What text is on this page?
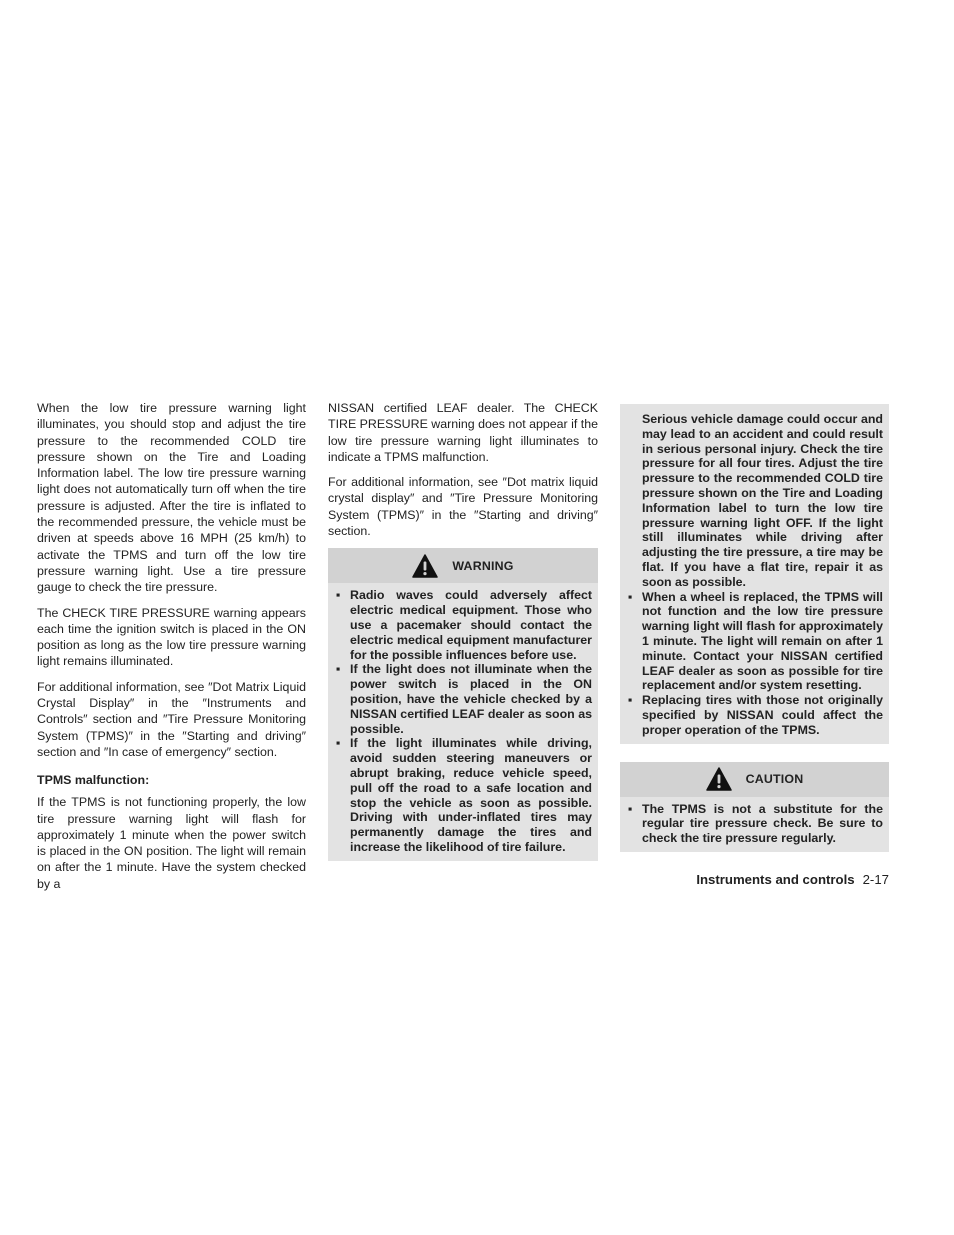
When the low tire pressure warning light illuminates, you should stop and adjust the tire pressure to the recommended COLD tire pressure shown on the Tire and Loading Information label. The low tire pressure warning light does not automatically turn off when the tire pressure is adjusted. After the tire is inflated to the recommended pressure, the vehicle must be driven at speeds above 16 MPH (25 km/h) to activate the TPMS and turn off the low tire pressure warning light. Use a tire pressure gauge to check the tire pressure.

The CHECK TIRE PRESSURE warning appears each time the ignition switch is placed in the ON position as long as the low tire pressure warning light remains illuminated.

For additional information, see ″Dot Matrix Liquid Crystal Display″ in the ″Instruments and Controls″ section and ″Tire Pressure Monitoring System (TPMS)″ in the ″Starting and driving″ section and ″In case of emergency″ section.

TPMS malfunction:

If the TPMS is not functioning properly, the low tire pressure warning light will flash for approximately 1 minute when the power switch is placed in the ON position. The light will remain on after the 1 minute. Have the system checked by a

NISSAN certified LEAF dealer. The CHECK TIRE PRESSURE warning does not appear if the low tire pressure warning light illuminates to indicate a TPMS malfunction.

For additional information, see ″Dot matrix liquid crystal display″ and ″Tire Pressure Monitoring System (TPMS)″ in the ″Starting and driving″ section.

WARNING
▪ Radio waves could adversely affect electric medical equipment. Those who use a pacemaker should contact the electric medical equipment manufacturer for the possible influences before use.
▪ If the light does not illuminate when the power switch is placed in the ON position, have the vehicle checked by a NISSAN certified LEAF dealer as soon as possible.
▪ If the light illuminates while driving, avoid sudden steering maneuvers or abrupt braking, reduce vehicle speed, pull off the road to a safe location and stop the vehicle as soon as possible. Driving with under-inflated tires may permanently damage the tires and increase the likelihood of tire failure.
Serious vehicle damage could occur and may lead to an accident and could result in serious personal injury. Check the tire pressure for all four tires. Adjust the tire pressure to the recommended COLD tire pressure shown on the Tire and Loading Information label to turn the low tire pressure warning light OFF. If the light still illuminates while driving after adjusting the tire pressure, a tire may be flat. If you have a flat tire, repair it as soon as possible.
▪ When a wheel is replaced, the TPMS will not function and the low tire pressure warning light will flash for approximately 1 minute. The light will remain on after 1 minute. Contact your NISSAN certified LEAF dealer as soon as possible for tire replacement and/or system resetting.
▪ Replacing tires with those not originally specified by NISSAN could affect the proper operation of the TPMS.
CAUTION
▪ The TPMS is not a substitute for the regular tire pressure check. Be sure to check the tire pressure regularly.
Instruments and controls 2-17
